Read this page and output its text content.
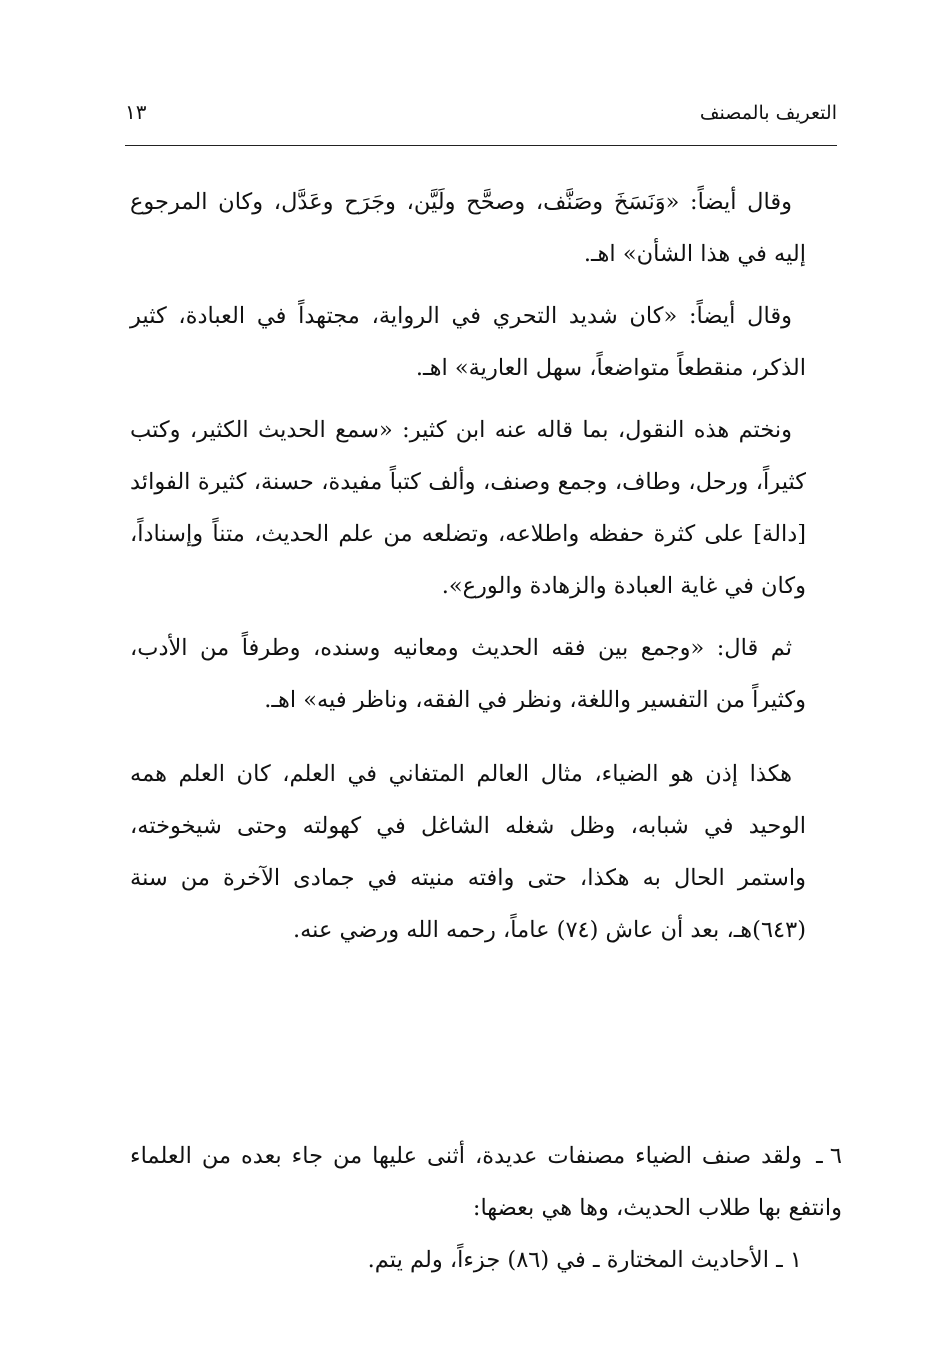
التعريف بالمصنف
١٣

وقال أيضاً: «وَنَسَخَ وصَنَّف، وصحَّح ولَيَّن، وجَرَح وعَدَّل، وكان المرجوع إليه في هذا الشأن» اهـ.

وقال أيضاً: «كان شديد التحري في الرواية، مجتهداً في العبادة، كثير الذكر، منقطعاً متواضعاً، سهل العارية» اهـ.

ونختم هذه النقول، بما قاله عنه ابن كثير: «سمع الحديث الكثير، وكتب كثيراً، ورحل، وطاف، وجمع وصنف، وألف كتباً مفيدة، حسنة، كثيرة الفوائد [دالة] على كثرة حفظه واطلاعه، وتضلعه من علم الحديث، متناً وإسناداً، وكان في غاية العبادة والزهادة والورع».

ثم قال: «وجمع بين فقه الحديث ومعانيه وسنده، وطرفاً من الأدب، وكثيراً من التفسير واللغة، ونظر في الفقه، وناظر فيه» اهـ.

هكذا إذن هو الضياء، مثال العالم المتفاني في العلم، كان العلم همه الوحيد في شبابه، وظل شغله الشاغل في كهولته وحتى شيخوخته، واستمر الحال به هكذا، حتى وافته منيته في جمادى الآخرة من سنة (٦٤٣)هـ، بعد أن عاش (٧٤) عاماً، رحمه الله ورضي عنه.

٦ ـولقد صنف الضياء مصنفات عديدة، أثنى عليها من جاء بعده من العلماء وانتفع بها طلاب الحديث، وها هي بعضها:

١ ـ الأحاديث المختارة ـ في (٨٦) جزءاً، ولم يتم.
